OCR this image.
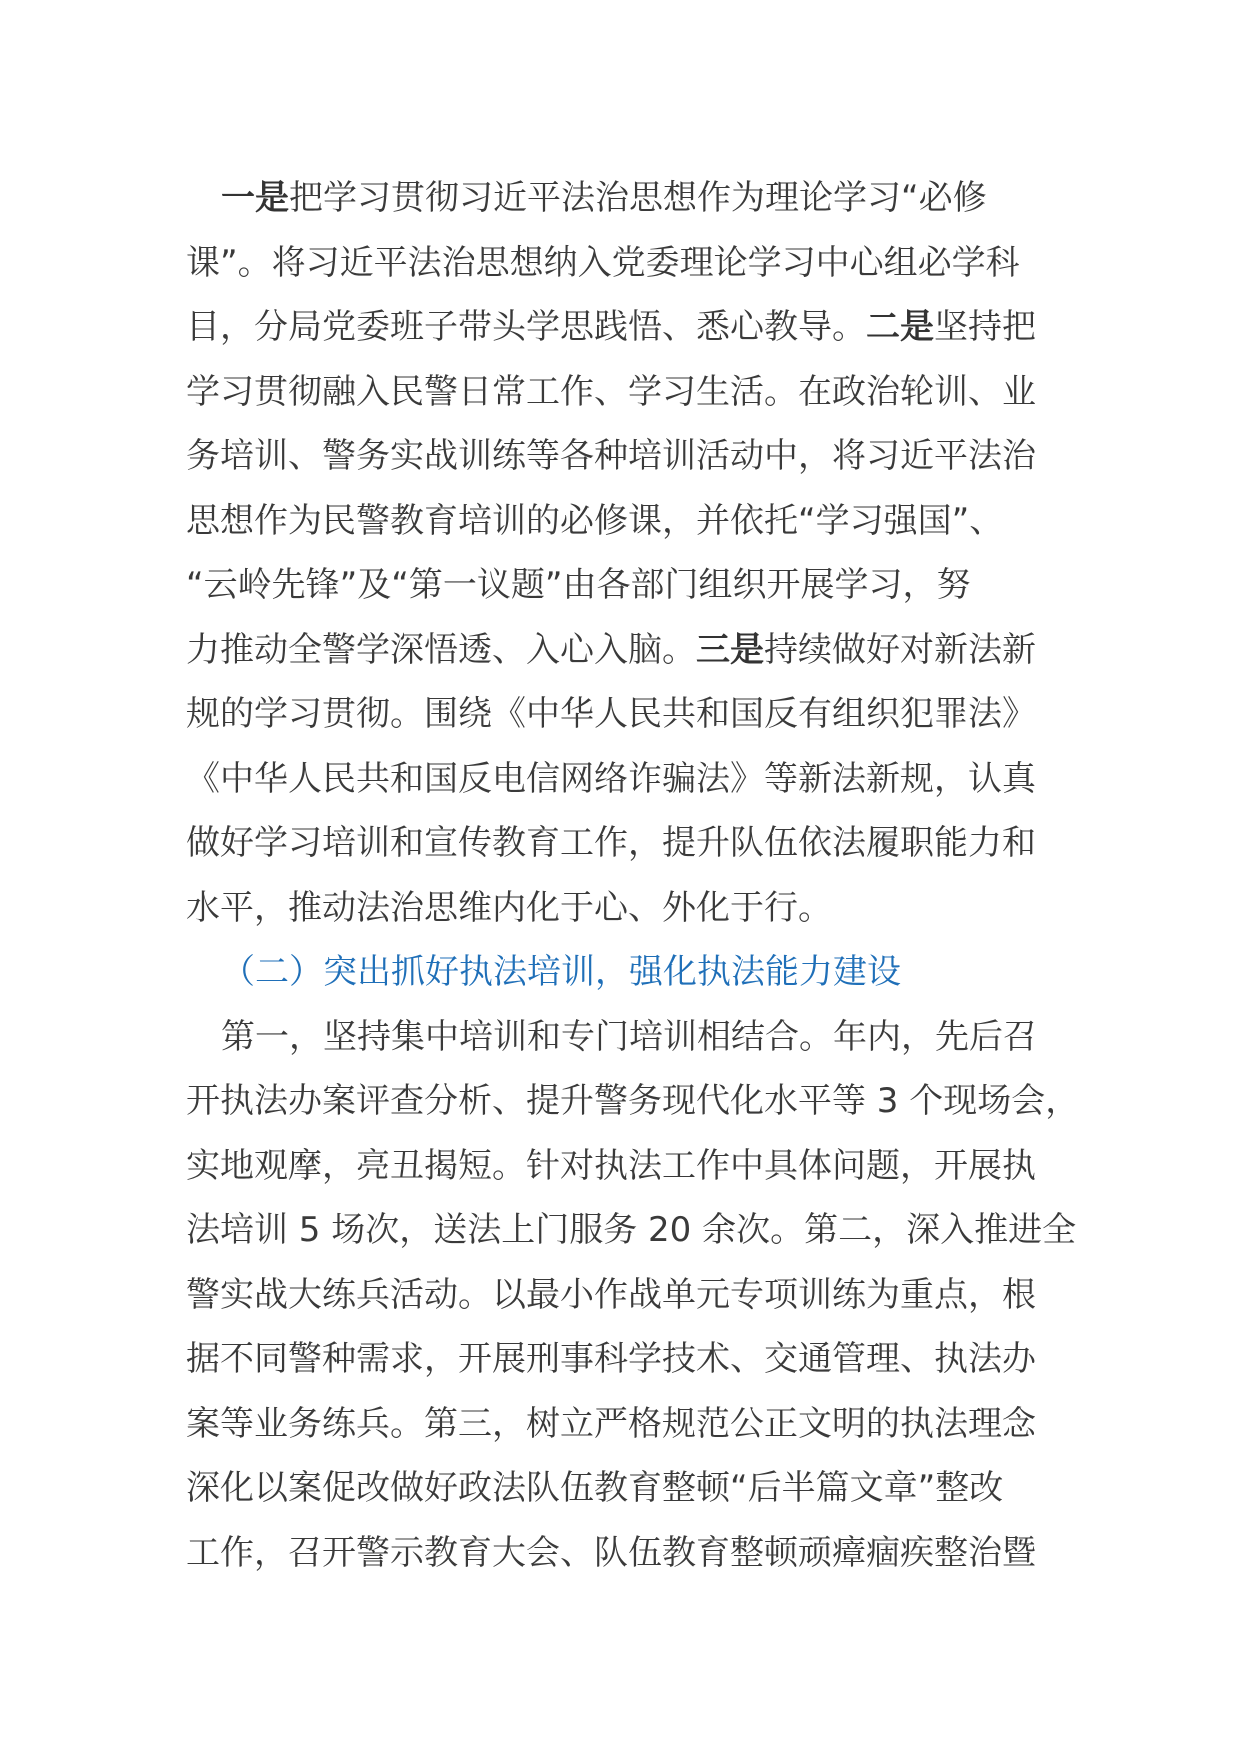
一是把学习贯彻习近平法治思想作为理论学习“必修
课”。将习近平法治思想纳入党委理论学习中心组必学科
目，分局党委班子带头学思践悟、悉心教导。二是坚持把
学习贯彻融入民警日常工作、学习生活。在政治轮训、业
务培训、警务实战训练等各种培训活动中，将习近平法治
思想作为民警教育培训的必修课，并依托“学习强国”、
“云岭先锋”及“第一议题”由各部门组织开展学习，努
力推动全警学深悟透、入心入脑。三是持续做好对新法新
规的学习贯彻。围绕《中华人民共和国反有组织犯罪法》
《中华人民共和国反电信网络诈骗法》等新法新规，认真
做好学习培训和宣传教育工作，提升队伍依法履职能力和
水平，推动法治思维内化于心、外化于行。
（二）突出抓好执法培训，强化执法能力建设
第一，坚持集中培训和专门培训相结合。年内，先后召
开执法办案评查分析、提升警务现代化水平等 3 个现场会，
实地观摩，亮丑揭短。针对执法工作中具体问题，开展执
法培训 5 场次，送法上门服务 20 余次。第二，深入推进全
警实战大练兵活动。以最小作战单元专项训练为重点，根
据不同警种需求，开展刑事科学技术、交通管理、执法办
案等业务练兵。第三，树立严格规范公正文明的执法理念
深化以案促改做好政法队伍教育整顿“后半篇文章”整改
工作，召开警示教育大会、队伍教育整顿顽瘴痼疾整治暨
